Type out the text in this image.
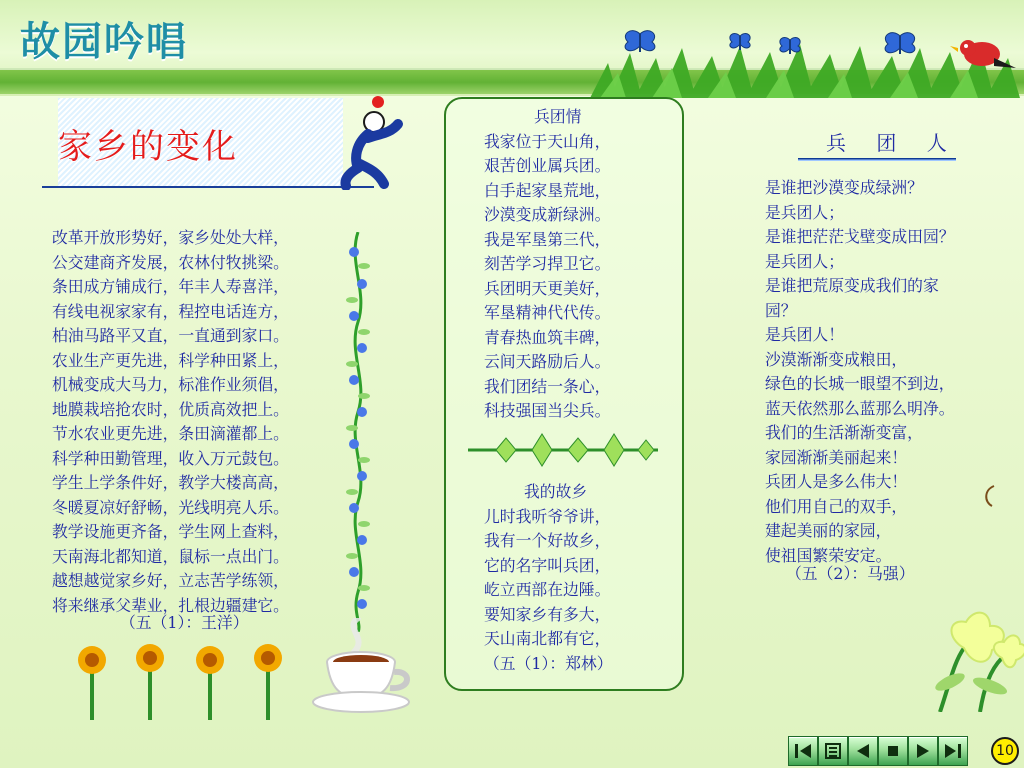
故园吟唱
家乡的变化
改革开放形势好，家乡处处大样，
公交建商齐发展，农林付牧挑梁。
条田成方铺成行，年丰人寿喜洋，
有线电视家家有，程控电话连方，
柏油马路平又直，一直通到家口。
农业生产更先进，科学种田紧上，
机械变成大马力，标准作业须倡，
地膜栽培抢农时，优质高效把上。
节水农业更先进，条田滴灌都上。
科学种田勤管理，收入万元鼓包。
学生上学条件好，教学大楼高高，
冬暖夏凉好舒畅，光线明亮人乐。
教学设施更齐备，学生网上查料，
天南海北都知道，鼠标一点出门。
越想越觉家乡好，立志苦学练领，
将来继承父辈业，扎根边疆建它。
（五（1）：王洋）
兵团情
我家位于天山角，
艰苦创业属兵团。
白手起家垦荒地，
沙漠变成新绿洲。
我是军垦第三代，
刻苦学习捍卫它。
兵团明天更美好，
军垦精神代代传。
青春热血筑丰碑，
云间天路励后人。
我们团结一条心，
科技强国当尖兵。
我的故乡
儿时我听爷爷讲，
我有一个好故乡，
它的名字叫兵团，
屹立西部在边陲。
要知家乡有多大，
天山南北都有它，
（五（1）：郑林）
兵 团 人
是谁把沙漠变成绿洲？
是兵团人；
是谁把茫茫戈壁变成田园？
是兵团人；
是谁把荒原变成我们的家
园？
是兵团人！
沙漠渐渐变成粮田，
绿色的长城一眼望不到边，
蓝天依然那么蓝那么明净。
我们的生活渐渐变富，
家园渐渐美丽起来！
兵团人是多么伟大！
他们用自己的双手，
建起美丽的家园，
使祖国繁荣安定。
（五（2）：马强）
10
